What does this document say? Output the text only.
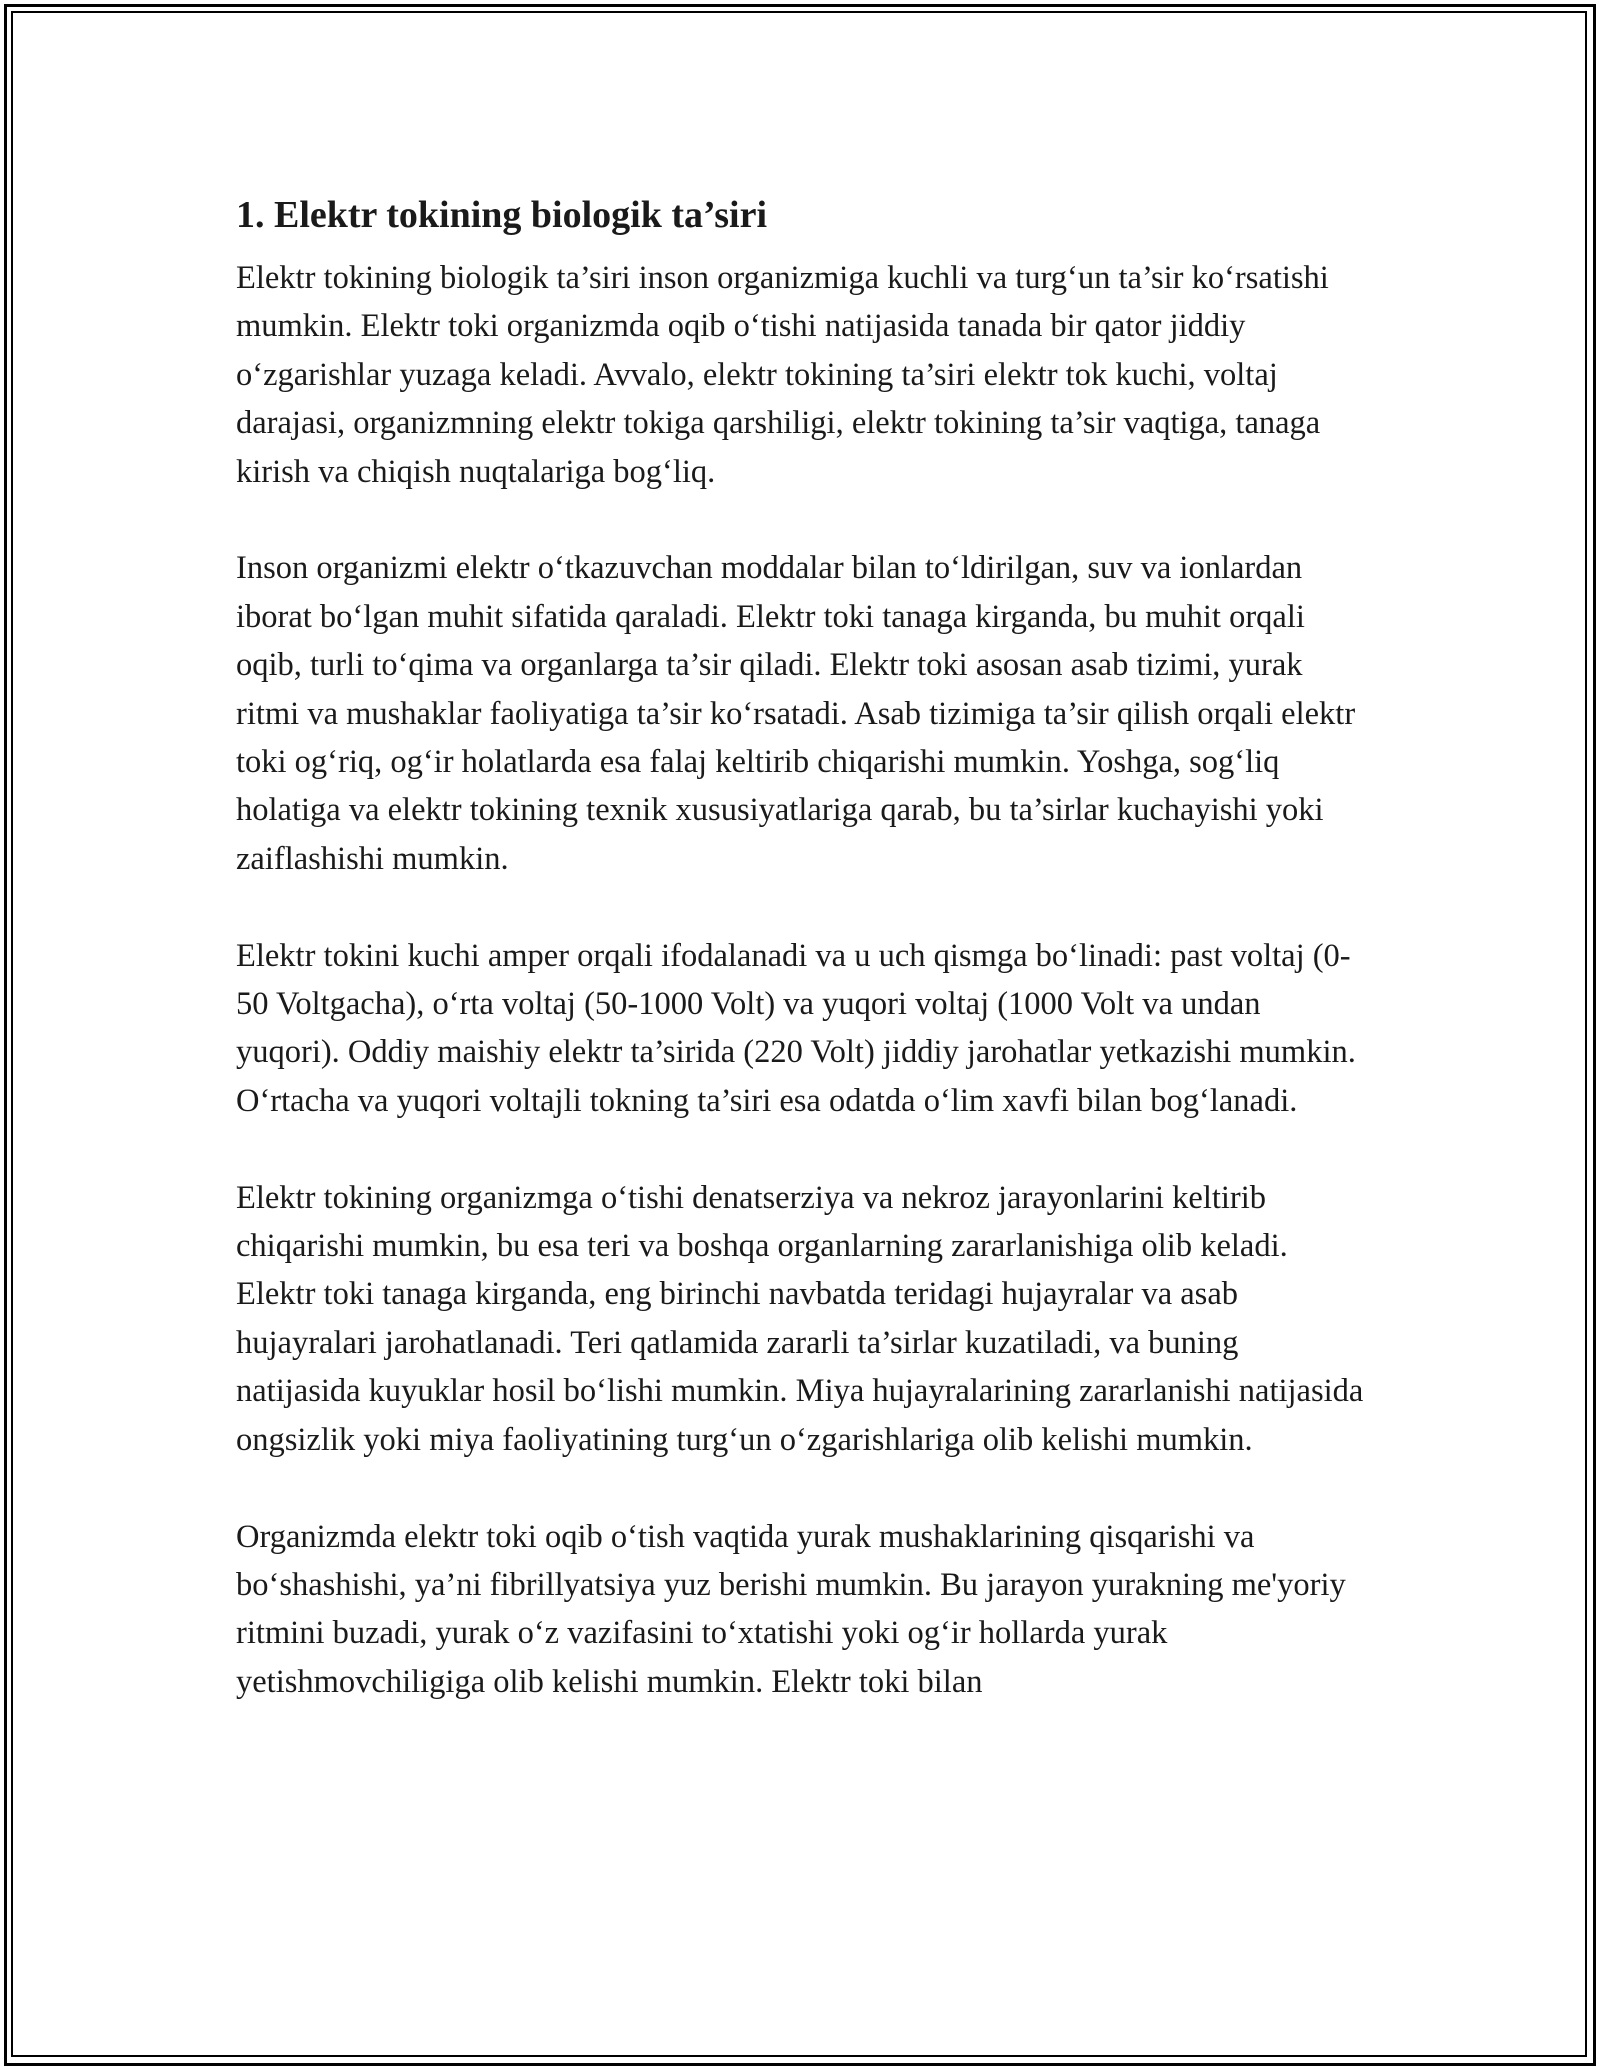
1. Elektr tokining biologik ta’siri

Elektr tokining biologik ta’siri inson organizmiga kuchli va turg‘un ta’sir ko‘rsatishi mumkin. Elektr toki organizmda oqib o‘tishi natijasida tanada bir qator jiddiy o‘zgarishlar yuzaga keladi. Avvalo, elektr tokining ta’siri elektr tok kuchi, voltaj darajasi, organizmning elektr tokiga qarshiligi, elektr tokining ta’sir vaqtiga, tanaga kirish va chiqish nuqtalariga bog‘liq.

Inson organizmi elektr o‘tkazuvchan moddalar bilan to‘ldirilgan, suv va ionlardan iborat bo‘lgan muhit sifatida qaraladi. Elektr toki tanaga kirganda, bu muhit orqali oqib, turli to‘qima va organlarga ta’sir qiladi. Elektr toki asosan asab tizimi, yurak ritmi va mushaklar faoliyatiga ta’sir ko‘rsatadi. Asab tizimiga ta’sir qilish orqali elektr toki og‘riq, og‘ir holatlarda esa falaj keltirib chiqarishi mumkin. Yoshga, sog‘liq holatiga va elektr tokining texnik xususiyatlariga qarab, bu ta’sirlar kuchayishi yoki zaiflashishi mumkin.

Elektr tokini kuchi amper orqali ifodalanadi va u uch qismga bo‘linadi: past voltaj (0-50 Voltgacha), o‘rta voltaj (50-1000 Volt) va yuqori voltaj (1000 Volt va undan yuqori). Oddiy maishiy elektr ta’sirida (220 Volt) jiddiy jarohatlar yetkazishi mumkin. O‘rtacha va yuqori voltajli tokning ta’siri esa odatda o‘lim xavfi bilan bog‘lanadi.

Elektr tokining organizmga o‘tishi denatserziya va nekroz jarayonlarini keltirib chiqarishi mumkin, bu esa teri va boshqa organlarning zararlanishiga olib keladi. Elektr toki tanaga kirganda, eng birinchi navbatda teridagi hujayralar va asab hujayralari jarohatlanadi. Teri qatlamida zararli ta’sirlar kuzatiladi, va buning natijasida kuyuklar hosil bo‘lishi mumkin. Miya hujayralarining zararlanishi natijasida ongsizlik yoki miya faoliyatining turg‘un o‘zgarishlariga olib kelishi mumkin.

Organizmda elektr toki oqib o‘tish vaqtida yurak mushaklarining qisqarishi va bo‘shashishi, ya’ni fibrillyatsiya yuz berishi mumkin. Bu jarayon yurakning me'yoriy ritmini buzadi, yurak o‘z vazifasini to‘xtatishi yoki og‘ir hollarda yurak yetishmovchiligiga olib kelishi mumkin. Elektr toki bilan
